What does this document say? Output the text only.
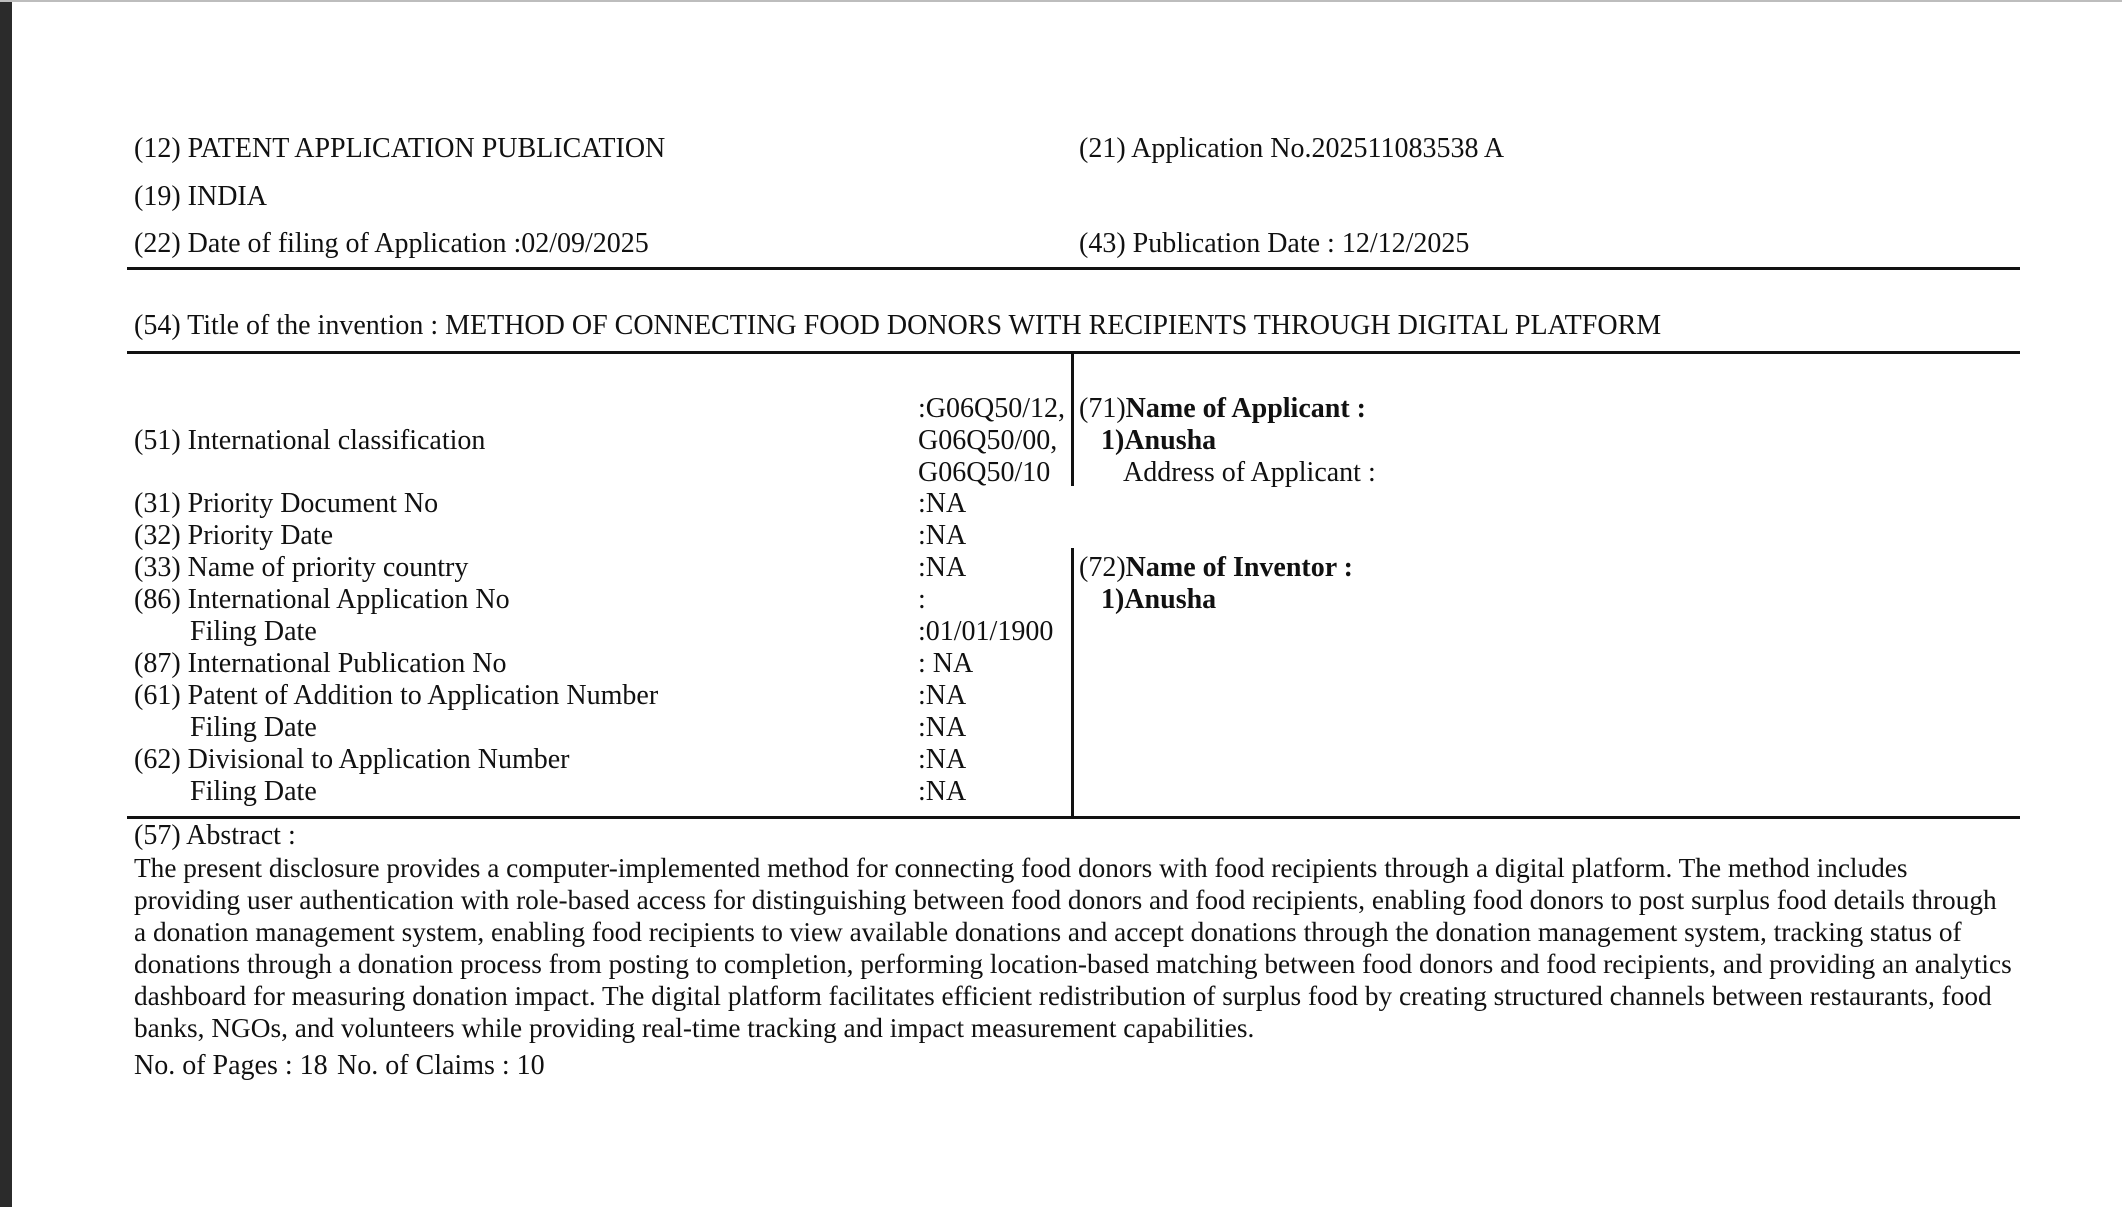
(12) PATENT APPLICATION PUBLICATION
(19) INDIA
(22) Date of filing of Application :02/09/2025
(21) Application No.202511083538 A
(43) Publication Date : 12/12/2025
(54) Title of the invention : METHOD OF CONNECTING FOOD DONORS WITH RECIPIENTS THROUGH DIGITAL PLATFORM
(51) International classification
(31) Priority Document No
(32) Priority Date
(33) Name of priority country
(86) International Application No
Filing Date
(87) International Publication No
(61) Patent of Addition to Application Number
Filing Date
(62) Divisional to Application Number
Filing Date
:G06Q50/12,
G06Q50/00,
G06Q50/10
:NA
:NA
:NA
:
:01/01/1900
: NA
:NA
:NA
:NA
:NA
(71)Name of Applicant :
1)Anusha
Address of Applicant :
(72)Name of Inventor :
1)Anusha
(57) Abstract :
The present disclosure provides a computer-implemented method for connecting food donors with food recipients through a digital platform. The method includes providing user authentication with role-based access for distinguishing between food donors and food recipients, enabling food donors to post surplus food details through a donation management system, enabling food recipients to view available donations and accept donations through the donation management system, tracking status of donations through a donation process from posting to completion, performing location-based matching between food donors and food recipients, and providing an analytics dashboard for measuring donation impact. The digital platform facilitates efficient redistribution of surplus food by creating structured channels between restaurants, food banks, NGOs, and volunteers while providing real-time tracking and impact measurement capabilities.
No. of Pages : 18 No. of Claims : 10
